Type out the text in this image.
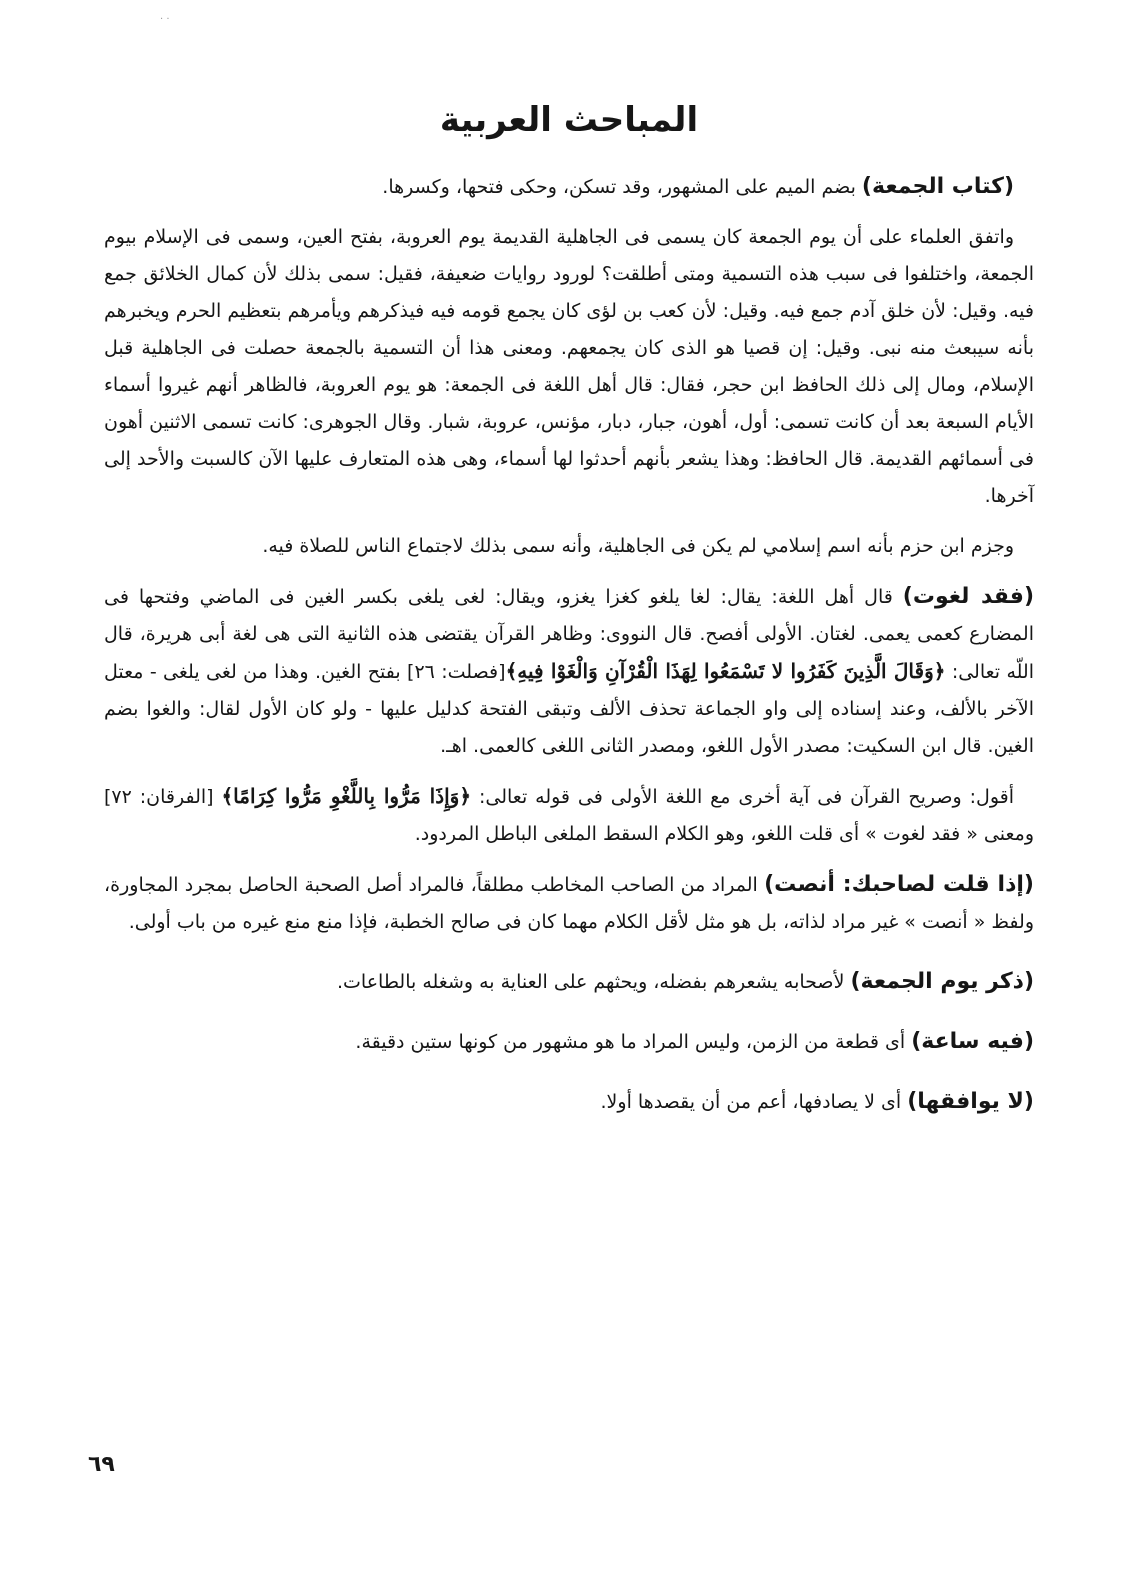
· ·
المباحث العربية

(كتاب الجمعة) بضم الميم على المشهور، وقد تسكن، وحكى فتحها، وكسرها.

واتفق العلماء على أن يوم الجمعة كان يسمى فى الجاهلية القديمة يوم العروبة، بفتح العين، وسمى فى الإسلام بيوم الجمعة، واختلفوا فى سبب هذه التسمية ومتى أطلقت؟ لورود روايات ضعيفة، فقيل: سمى بذلك لأن كمال الخلائق جمع فيه. وقيل: لأن خلق آدم جمع فيه. وقيل: لأن كعب بن لؤى كان يجمع قومه فيه فيذكرهم ويأمرهم بتعظيم الحرم ويخبرهم بأنه سيبعث منه نبى. وقيل: إن قصيا هو الذى كان يجمعهم. ومعنى هذا أن التسمية بالجمعة حصلت فى الجاهلية قبل الإسلام، ومال إلى ذلك الحافظ ابن حجر، فقال: قال أهل اللغة فى الجمعة: هو يوم العروبة، فالظاهر أنهم غيروا أسماء الأيام السبعة بعد أن كانت تسمى: أول، أهون، جبار، دبار، مؤنس، عروبة، شبار. وقال الجوهرى: كانت تسمى الاثنين أهون فى أسمائهم القديمة. قال الحافظ: وهذا يشعر بأنهم أحدثوا لها أسماء، وهى هذه المتعارف عليها الآن كالسبت والأحد إلى آخرها.

وجزم ابن حزم بأنه اسم إسلامي لم يكن فى الجاهلية، وأنه سمى بذلك لاجتماع الناس للصلاة فيه.

(فقد لغوت) قال أهل اللغة: يقال: لغا يلغو كغزا يغزو، ويقال: لغى يلغى بكسر الغين فى الماضي وفتحها فى المضارع كعمى يعمى. لغتان. الأولى أفصح. قال النووى: وظاهر القرآن يقتضى هذه الثانية التى هى لغة أبى هريرة، قال اللّه تعالى: ﴿وَقَالَ الَّذِينَ كَفَرُوا لا تَسْمَعُوا لِهَذَا الْقُرْآنِ وَالْغَوْا فِيهِ﴾[فصلت: ٢٦] بفتح الغين. وهذا من لغى يلغى - معتل الآخر بالألف، وعند إسناده إلى واو الجماعة تحذف الألف وتبقى الفتحة كدليل عليها - ولو كان الأول لقال: والغوا بضم الغين. قال ابن السكيت: مصدر الأول اللغو، ومصدر الثانى اللغى كالعمى. اهـ.

أقول: وصريح القرآن فى آية أخرى مع اللغة الأولى فى قوله تعالى: ﴿وَإِذَا مَرُّوا بِاللَّغْوِ مَرُّوا كِرَامًا﴾ [الفرقان: ٧٢] ومعنى « فقد لغوت » أى قلت اللغو، وهو الكلام السقط الملغى الباطل المردود.

(إذا قلت لصاحبك: أنصت) المراد من الصاحب المخاطب مطلقاً، فالمراد أصل الصحبة الحاصل بمجرد المجاورة، ولفظ « أنصت » غير مراد لذاته، بل هو مثل لأقل الكلام مهما كان فى صالح الخطبة، فإذا منع منع غيره من باب أولى.

(ذكر يوم الجمعة) لأصحابه يشعرهم بفضله، ويحثهم على العناية به وشغله بالطاعات.

(فيه ساعة) أى قطعة من الزمن، وليس المراد ما هو مشهور من كونها ستين دقيقة.

(لا يوافقها) أى لا يصادفها، أعم من أن يقصدها أولا.

٦٩
